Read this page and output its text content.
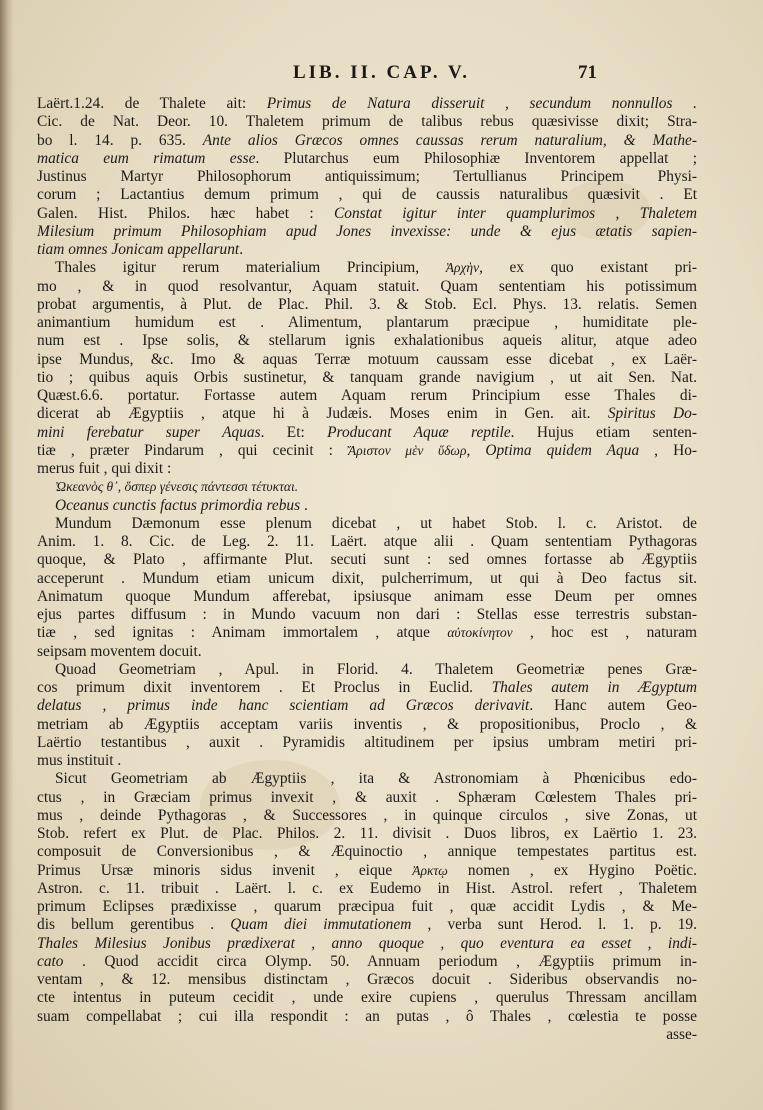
LIB. II. CAP. V.	71
Laërt.1.24. de Thalete ait: Primus de Natura disseruit , secundum nonnullos .
Cic. de Nat. Deor. 10. Thaletem primum de talibus rebus quæsivisse dixit; Stra-
bo l. 14. p. 635. Ante alios Græcos omnes caussas rerum naturalium, & Mathe-
matica eum rimatum esse. Plutarchus eum Philosophiæ Inventorem appellat ;
Justinus Martyr Philosophorum antiquissimum; Tertullianus Principem Physi-
corum ; Lactantius demum primum , qui de caussis naturalibus quæsivit . Et
Galen. Hist. Philos. hæc habet : Constat igitur inter quamplurimos , Thaletem
Milesium primum Philosophiam apud Jones invexisse: unde & ejus ætatis sapien-
tiam omnes Jonicam appellarunt.
Thales igitur rerum materialium Principium, Ἀρχὴν, ex quo existant pri-
mo , & in quod resolvantur, Aquam statuit. Quam sententiam his potissimum
probat argumentis, à Plut. de Plac. Phil. 3. & Stob. Ecl. Phys. 13. relatis. Semen
animantium humidum est . Alimentum, plantarum præcipue , humiditate ple-
num est . Ipse solis, & stellarum ignis exhalationibus aqueis alitur, atque adeo
ipse Mundus, &c. Imo & aquas Terræ motuum caussam esse dicebat , ex Laër-
tio ; quibus aquis Orbis sustinetur, & tanquam grande navigium , ut ait Sen. Nat.
Quæst.6.6. portatur. Fortasse autem Aquam rerum Principium esse Thales di-
dicerat ab Ægyptiis , atque hi à Judæis. Moses enim in Gen. ait. Spiritus Do-
mini ferebatur super Aquas. Et: Producant Aquæ reptile. Hujus etiam senten-
tiæ , præter Pindarum , qui cecinit : Ἄριστον μὲν ὕδωρ, Optima quidem Aqua , Ho-
merus fuit , qui dixit :
Ὠκεανὸς θ᾽, ὅσπερ γένεσις πάντεσσι τέτυκται.
Oceanus cunctis factus primordia rebus .
Mundum Dæmonum esse plenum dicebat , ut habet Stob. l. c. Aristot. de
Anim. 1. 8. Cic. de Leg. 2. 11. Laërt. atque alii . Quam sententiam Pythagoras
quoque, & Plato , affirmante Plut. secuti sunt : sed omnes fortasse ab Ægyptiis
acceperunt . Mundum etiam unicum dixit, pulcherrimum, ut qui à Deo factus sit.
Animatum quoque Mundum afferebat, ipsiusque animam esse Deum per omnes
ejus partes diffusum : in Mundo vacuum non dari : Stellas esse terrestris substan-
tiæ , sed ignitas : Animam immortalem , atque αὐτοκίνητον , hoc est , naturam
seipsam moventem docuit.
Quoad Geometriam , Apul. in Florid. 4. Thaletem Geometriæ penes Græ-
cos primum dixit inventorem . Et Proclus in Euclid. Thales autem in Ægyptum
delatus , primus inde hanc scientiam ad Græcos derivavit. Hanc autem Geo-
metriam ab Ægyptiis acceptam variis inventis , & propositionibus, Proclo , &
Laërtio testantibus , auxit . Pyramidis altitudinem per ipsius umbram metiri pri-
mus instituit .
Sicut Geometriam ab Ægyptiis , ita & Astronomiam à Phœnicibus edo-
ctus , in Græciam primus invexit , & auxit . Sphæram Cœlestem Thales pri-
mus , deinde Pythagoras , & Successores , in quinque circulos , sive Zonas, ut
Stob. refert ex Plut. de Plac. Philos. 2. 11. divisit . Duos libros, ex Laërtio 1. 23.
composuit de Conversionibus , & Æquinoctio , annique tempestates partitus est.
Primus Ursæ minoris sidus invenit , eique Ἀρκτῳ nomen , ex Hygino Poëtic.
Astron. c. 11. tribuit . Laërt. l. c. ex Eudemo in Hist. Astrol. refert , Thaletem
primum Eclipses prædixisse , quarum præcipua fuit , quæ accidit Lydis , & Me-
dis bellum gerentibus . Quam diei immutationem , verba sunt Herod. l. 1. p. 19.
Thales Milesius Jonibus prædixerat , anno quoque , quo eventura ea esset , indi-
cato . Quod accidit circa Olymp. 50. Annuam periodum , Ægyptiis primum in-
ventam , & 12. mensibus distinctam , Græcos docuit . Sideribus observandis no-
cte intentus in puteum cecidit , unde exire cupiens , querulus Thressam ancillam
suam compellabat ; cui illa respondit : an putas , ô Thales , cœlestia te posse
asse-
